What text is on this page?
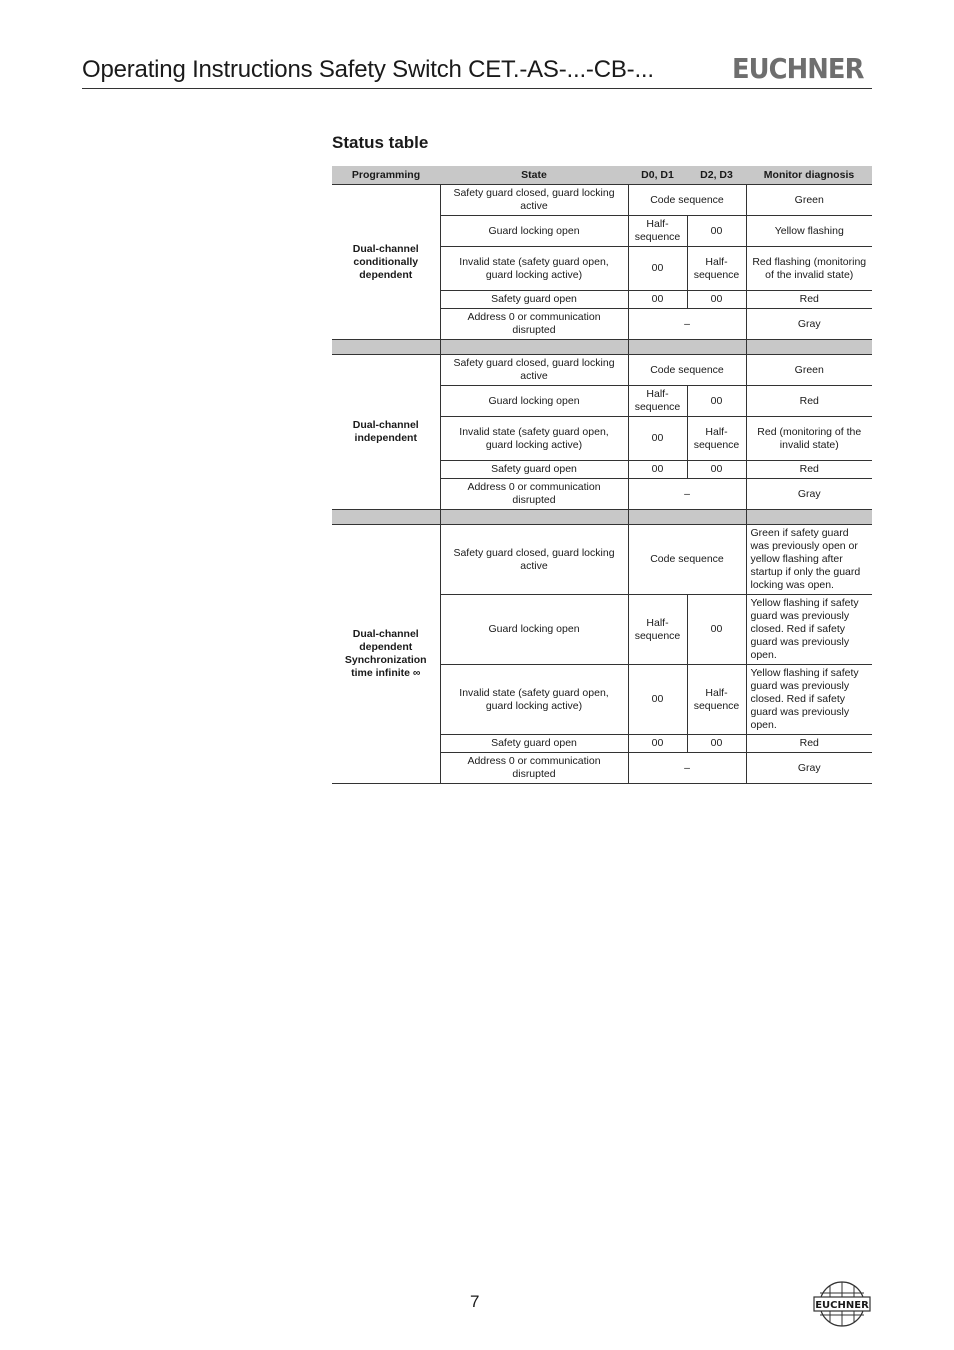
Operating Instructions Safety Switch CET.-AS-...-CB-...	EUCHNER
Status table
Programming	State	D0, D1	D2, D3	Monitor diagnosis
Dual-channel conditionally dependent	Safety guard closed, guard locking active	Code sequence		Green
	Guard locking open	Half-sequence	00	Yellow flashing
	Invalid state (safety guard open, guard locking active)	00	Half-sequence	Red flashing (monitoring of the invalid state)
	Safety guard open	00	00	Red
	Address 0 or communication disrupted	–		Gray

Dual-channel independent	Safety guard closed, guard locking active	Code sequence		Green
	Guard locking open	Half-sequence	00	Red
	Invalid state (safety guard open, guard locking active)	00	Half-sequence	Red (monitoring of the invalid state)
	Safety guard open	00	00	Red
	Address 0 or communication disrupted	–		Gray

Dual-channel dependent Synchronization time infinite ∞	Safety guard closed, guard locking active	Code sequence		Green if safety guard was previously open or yellow flashing after startup if only the guard locking was open.
	Guard locking open	Half-sequence	00	Yellow flashing if safety guard was previously closed. Red if safety guard was previously open.
	Invalid state (safety guard open, guard locking active)	00	Half-sequence	Yellow flashing if safety guard was previously closed. Red if safety guard was previously open.
	Safety guard open	00	00	Red
	Address 0 or communication disrupted	–		Gray
7	EUCHNER
